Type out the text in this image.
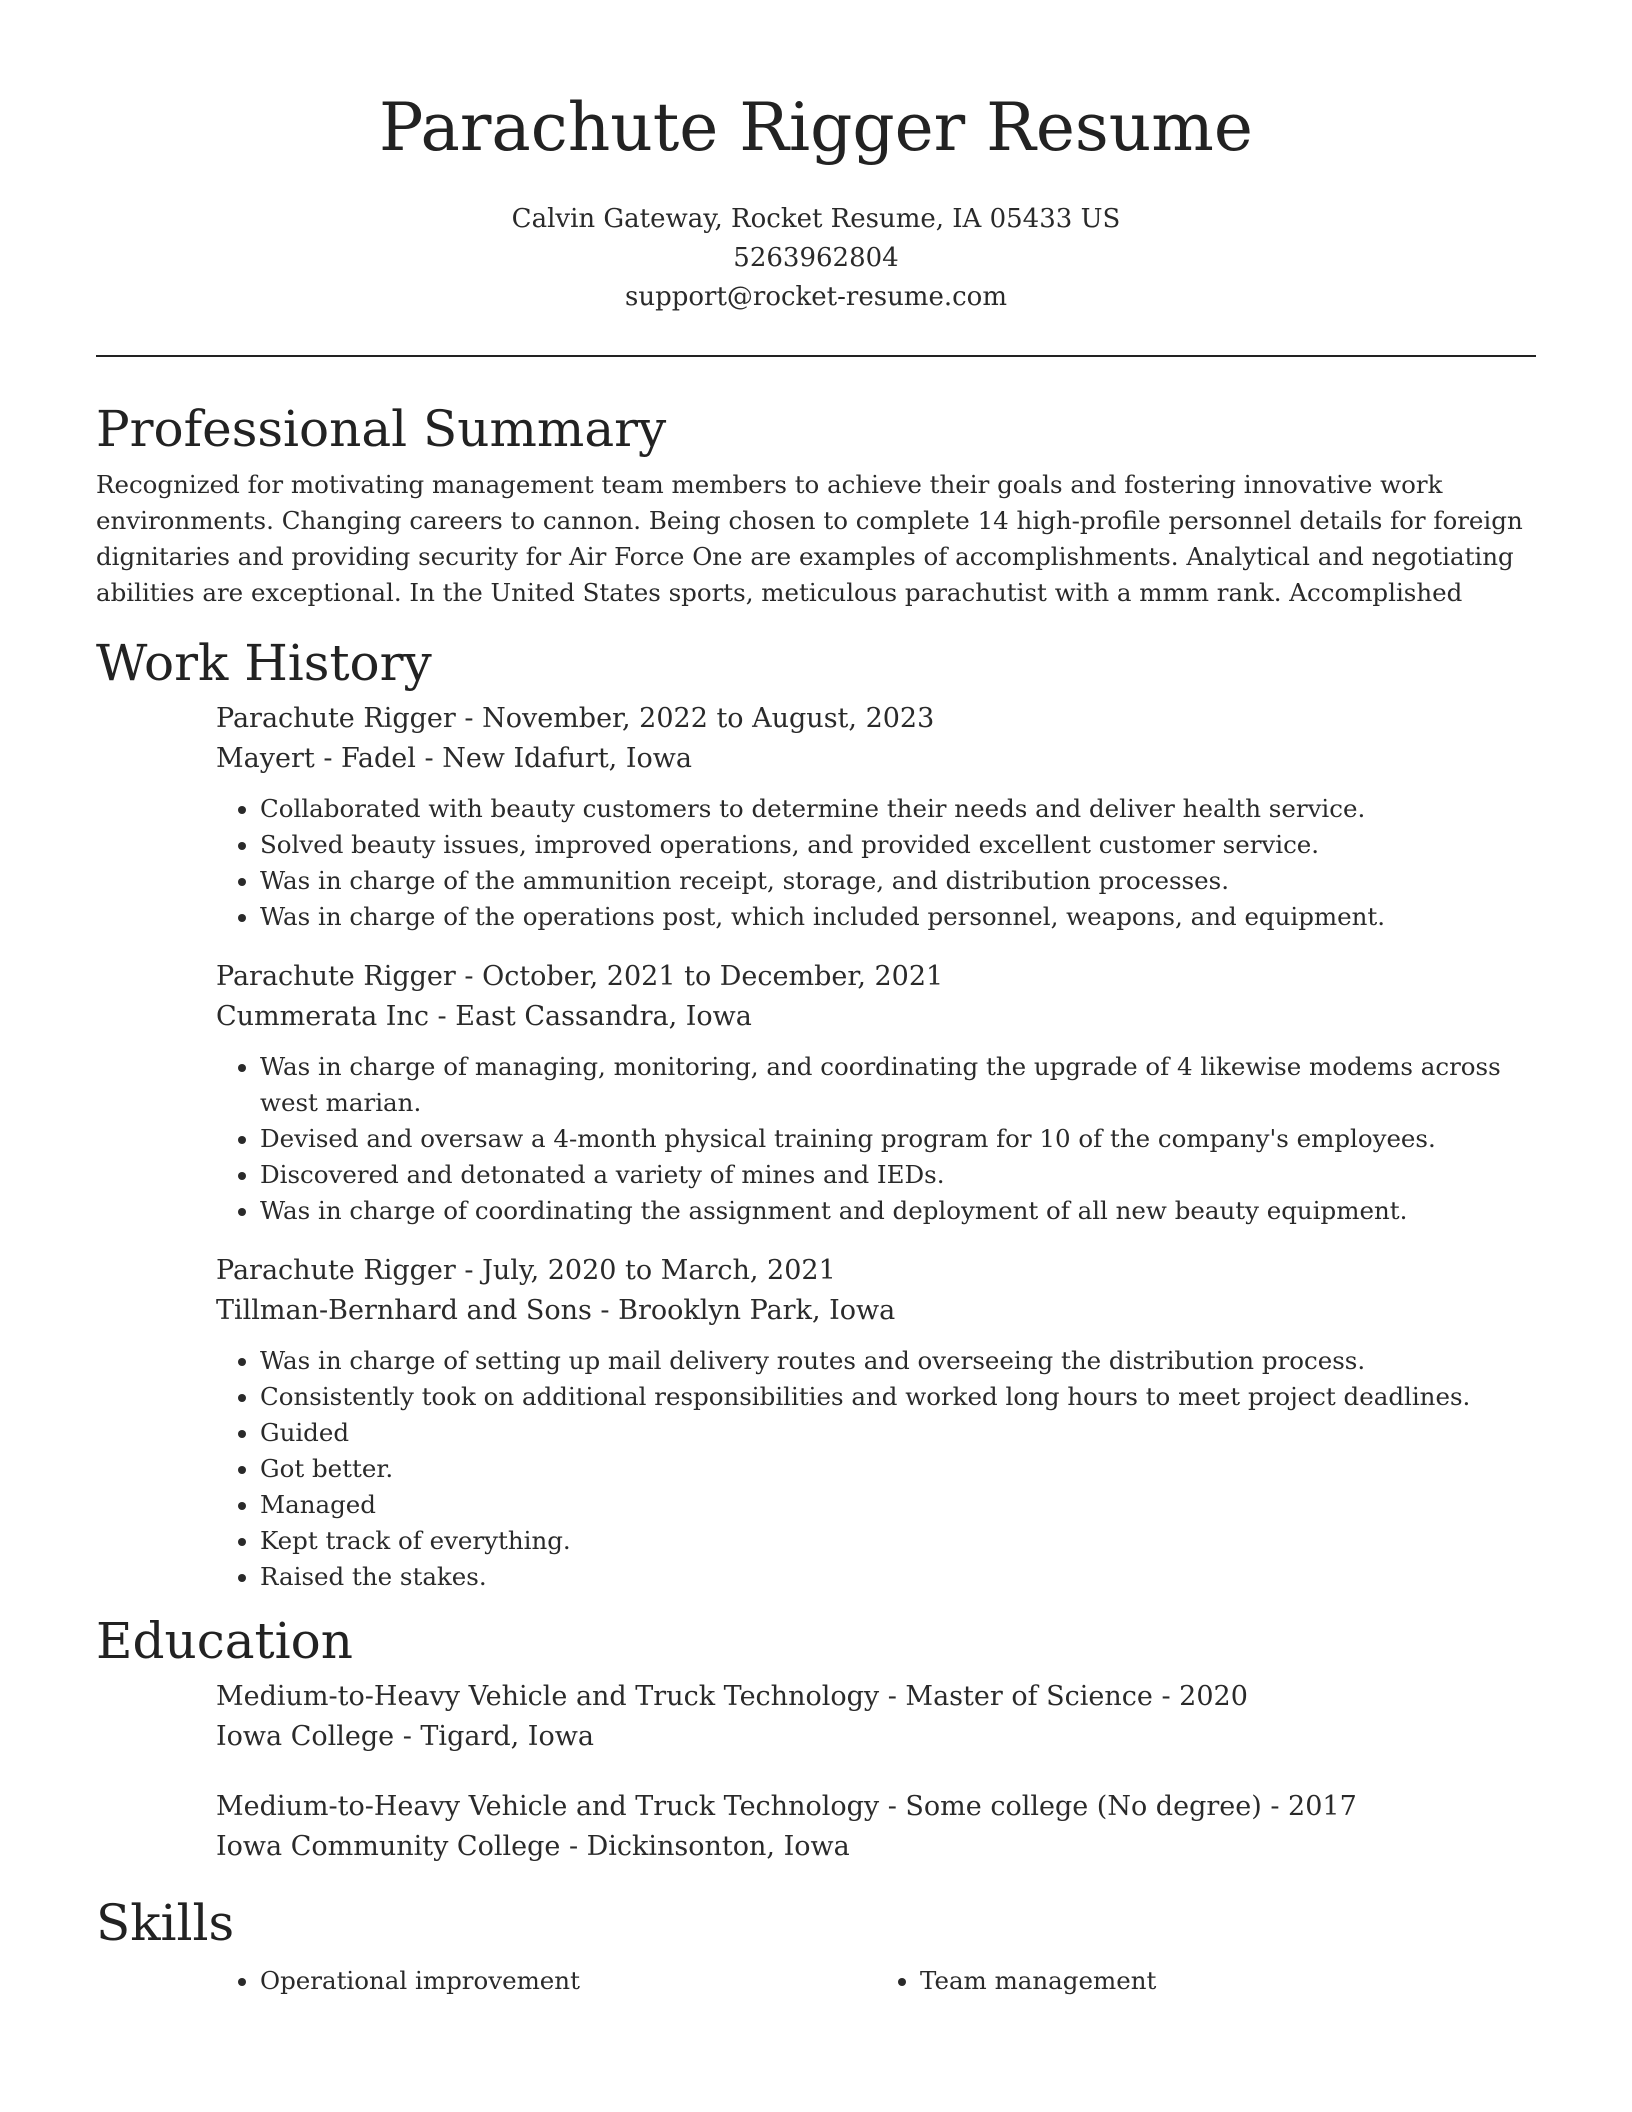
Parachute Rigger Resume
Calvin Gateway, Rocket Resume, IA 05433 US
5263962804
support@rocket-resume.com
Professional Summary

Recognized for motivating management team members to achieve their goals and fostering innovative work environments. Changing careers to cannon. Being chosen to complete 14 high-profile personnel details for foreign dignitaries and providing security for Air Force One are examples of accomplishments. Analytical and negotiating abilities are exceptional. In the United States sports, meticulous parachutist with a mmm rank. Accomplished

Work History
Parachute Rigger - November, 2022 to August, 2023
Mayert - Fadel - New Idafurt, Iowa
• Collaborated with beauty customers to determine their needs and deliver health service.
• Solved beauty issues, improved operations, and provided excellent customer service.
• Was in charge of the ammunition receipt, storage, and distribution processes.
• Was in charge of the operations post, which included personnel, weapons, and equipment.
Parachute Rigger - October, 2021 to December, 2021
Cummerata Inc - East Cassandra, Iowa
• Was in charge of managing, monitoring, and coordinating the upgrade of 4 likewise modems across west marian.
• Devised and oversaw a 4-month physical training program for 10 of the company's employees.
• Discovered and detonated a variety of mines and IEDs.
• Was in charge of coordinating the assignment and deployment of all new beauty equipment.
Parachute Rigger - July, 2020 to March, 2021
Tillman-Bernhard and Sons - Brooklyn Park, Iowa
• Was in charge of setting up mail delivery routes and overseeing the distribution process.
• Consistently took on additional responsibilities and worked long hours to meet project deadlines.
• Guided
• Got better.
• Managed
• Kept track of everything.
• Raised the stakes.
Education
Medium-to-Heavy Vehicle and Truck Technology - Master of Science - 2020
Iowa College - Tigard, Iowa
Medium-to-Heavy Vehicle and Truck Technology - Some college (No degree) - 2017
Iowa Community College - Dickinsonton, Iowa
Skills
• Operational improvement
•	Team management
